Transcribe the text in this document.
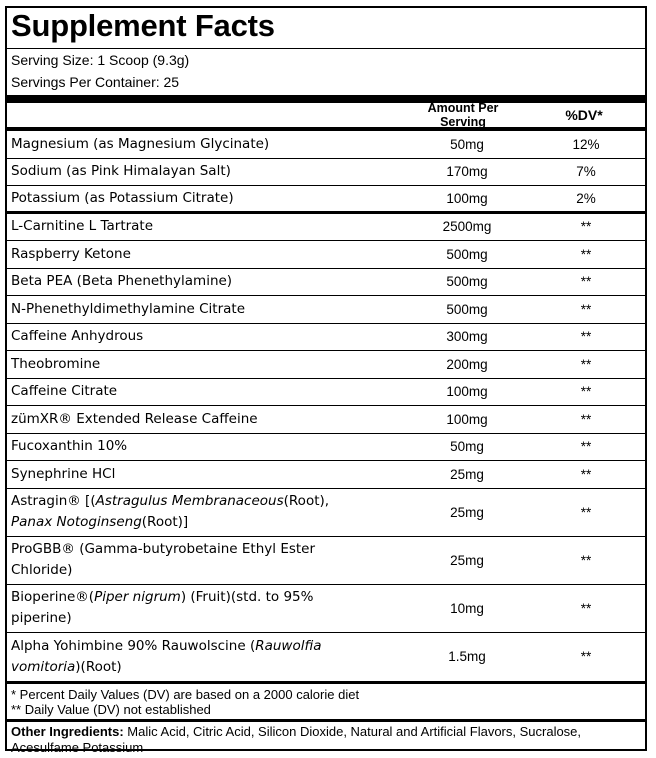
Supplement Facts
Serving Size: 1 Scoop (9.3g)
Servings Per Container: 25
Amount Per Serving	%DV*
Magnesium (as Magnesium Glycinate)	50mg	12%
Sodium (as Pink Himalayan Salt)	170mg	7%
Potassium (as Potassium Citrate)	100mg	2%
L-Carnitine L Tartrate	2500mg	**
Raspberry Ketone	500mg	**
Beta PEA (Beta Phenethylamine)	500mg	**
N-Phenethyldimethylamine Citrate	500mg	**
Caffeine Anhydrous	300mg	**
Theobromine	200mg	**
Caffeine Citrate	100mg	**
zümXR® Extended Release Caffeine	100mg	**
Fucoxanthin 10%	50mg	**
Synephrine HCl	25mg	**
Astragin® [(Astragulus Membranaceous(Root),
Panax Notoginseng(Root)]
25mg	**
ProGBB® (Gamma-butyrobetaine Ethyl Ester
Chloride)
25mg	**
Bioperine®(Piper nigrum) (Fruit)(std. to 95%
piperine)
10mg	**
Alpha Yohimbine 90% Rauwolscine (Rauwolfia
vomitoria)(Root)
1.5mg	**
* Percent Daily Values (DV) are based on a 2000 calorie diet
** Daily Value (DV) not established
Other Ingredients: Malic Acid, Citric Acid, Silicon Dioxide, Natural and Artificial Flavors, Sucralose, Acesulfame Potassium
